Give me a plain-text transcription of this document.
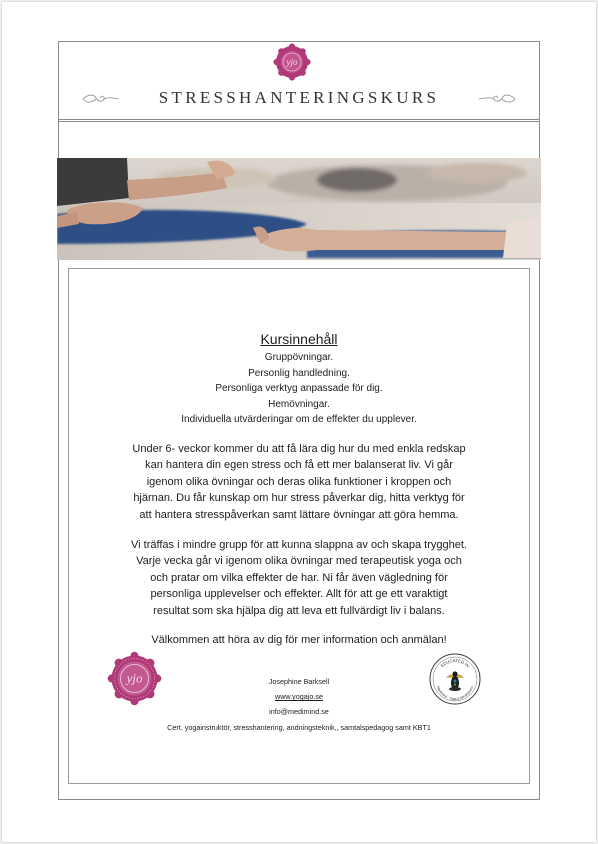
yjo
STRESSHANTERINGSKURS
Kursinnehåll
Gruppövningar.
Personlig handledning.
Personliga verktyg anpassade för dig.
Hemövningar.
Individuella utvärderingar om de effekter du upplever.
Under 6- veckor kommer du att få lära dig hur du med enkla redskap
kan hantera din egen stress och få ett mer balanserat liv. Vi går
igenom olika övningar och deras olika funktioner i kroppen och
hjärnan. Du får kunskap om hur stress påverkar dig, hitta verktyg för
att hantera stresspåverkan samt lättare övningar att göra hemma.
Vi träffas i mindre grupp för att kunna slappna av och skapa trygghet.
Varje vecka går vi igenom olika övningar med terapeutisk yoga och
och pratar om vilka effekter de har. Ni får även vägledning för
personliga upplevelser och effekter. Allt för att ge ett varaktigt
resultat som ska hjälpa dig att leva ett fullvärdigt liv i balans.
Välkommen att höra av dig för mer information och anmälan!
yjo	Josephine Barksell
www.yogajo.se
info@medimind.se
Cert. yogainstruktör, stresshantering, andningsteknik,, samtalspedagog samt KBT1
EDUCATED IN
Medimind - Yoga & Mindfulness
